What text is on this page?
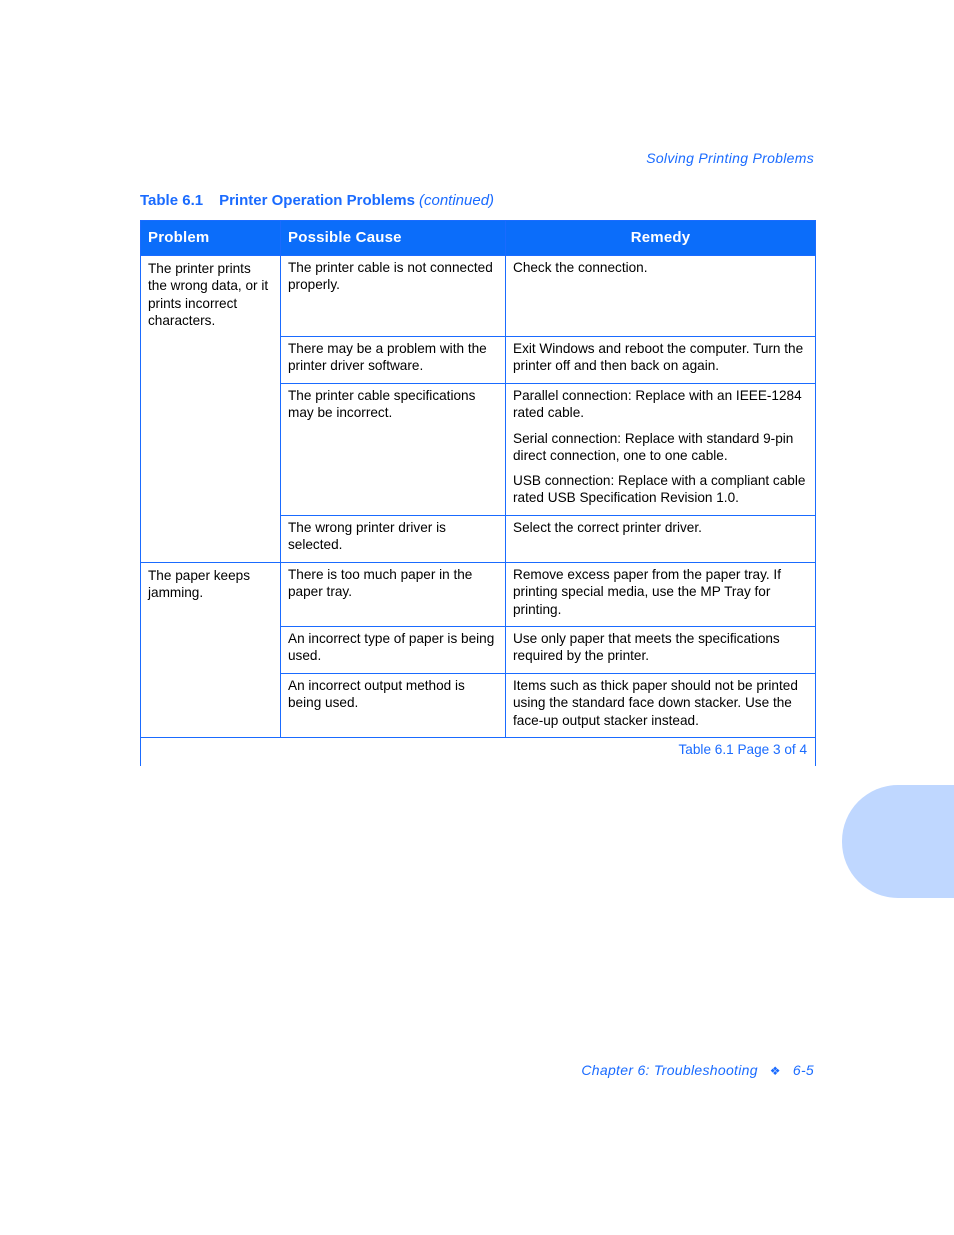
Solving Printing Problems
Table 6.1 Printer Operation Problems (continued)
Problem	Possible Cause	Remedy
The printer prints the wrong data, or it prints incorrect characters.	The printer cable is not connected properly.	Check the connection.

	There may be a problem with the printer driver software.	Exit Windows and reboot the computer. Turn the printer off and then back on again.

	The printer cable specifications may be incorrect.	Parallel connection: Replace with an IEEE-1284 rated cable.

Serial connection: Replace with standard 9-pin direct connection, one to one cable.

USB connection: Replace with a compliant cable rated USB Specification Revision 1.0.

	The wrong printer driver is selected.	Select the correct printer driver.

The paper keeps jamming.	There is too much paper in the paper tray.	Remove excess paper from the paper tray. If printing special media, use the MP Tray for printing.

	An incorrect type of paper is being used.	Use only paper that meets the specifications required by the printer.

	An incorrect output method is being used.	Items such as thick paper should not be printed using the standard face down stacker. Use the face-up output stacker instead.

Table 6.1 Page 3 of 4		
Chapter 6: Troubleshooting ❖ 6-5
